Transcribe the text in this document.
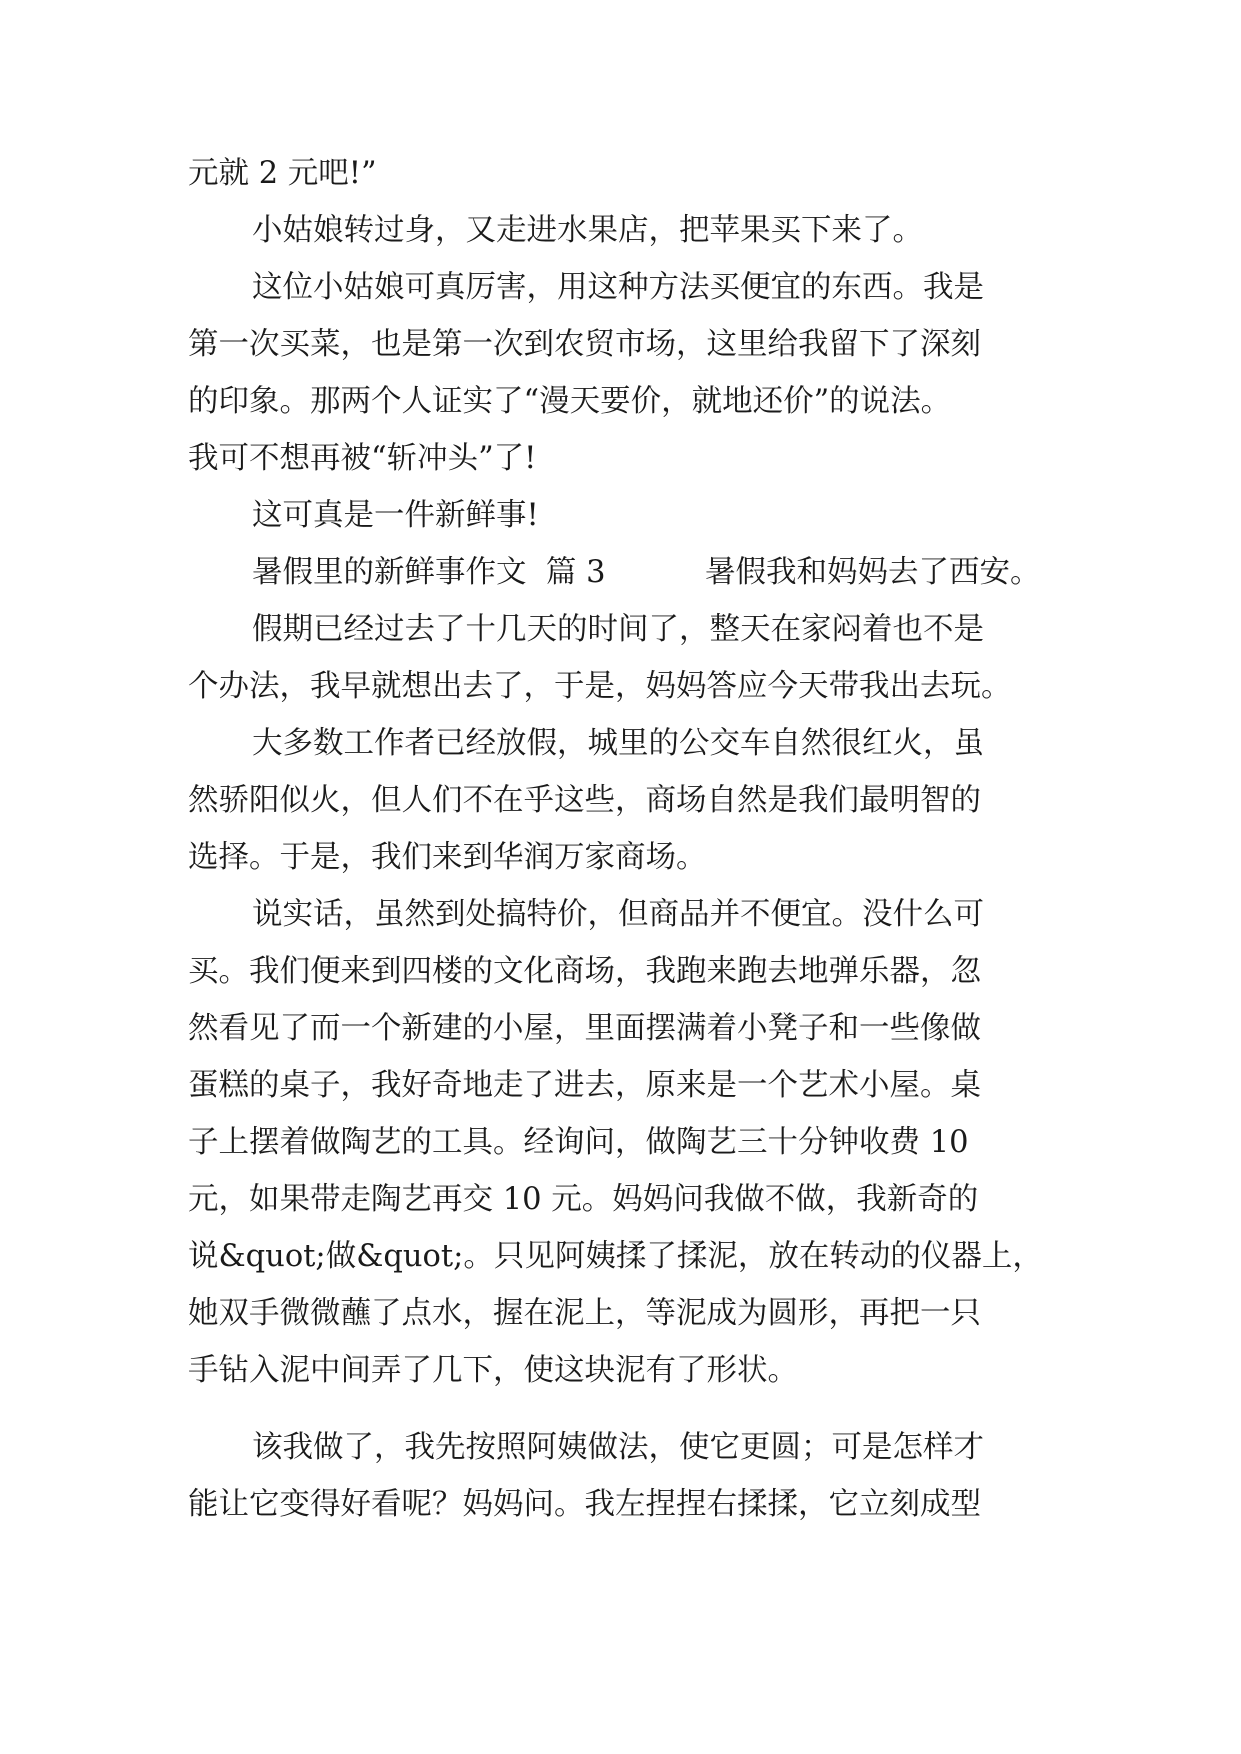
元就 2 元吧!”
小姑娘转过身，又走进水果店，把苹果买下来了。
这位小姑娘可真厉害，用这种方法买便宜的东西。我是
第一次买菜，也是第一次到农贸市场，这里给我留下了深刻
的印象。那两个人证实了“漫天要价，就地还价”的说法。
我可不想再被“斩冲头”了!
这可真是一件新鲜事!
暑假里的新鲜事作文  篇 3	暑假我和妈妈去了西安。
假期已经过去了十几天的时间了，整天在家闷着也不是
个办法，我早就想出去了，于是，妈妈答应今天带我出去玩。
大多数工作者已经放假，城里的公交车自然很红火，虽
然骄阳似火，但人们不在乎这些，商场自然是我们最明智的
选择。于是，我们来到华润万家商场。
说实话，虽然到处搞特价，但商品并不便宜。没什么可
买。我们便来到四楼的文化商场，我跑来跑去地弹乐器，忽
然看见了而一个新建的小屋，里面摆满着小凳子和一些像做
蛋糕的桌子，我好奇地走了进去，原来是一个艺术小屋。桌
子上摆着做陶艺的工具。经询问，做陶艺三十分钟收费 10
元，如果带走陶艺再交 10 元。妈妈问我做不做，我新奇的
说&quot;做&quot;。只见阿姨揉了揉泥，放在转动的仪器上，
她双手微微蘸了点水，握在泥上，等泥成为圆形，再把一只
手钻入泥中间弄了几下，使这块泥有了形状。
该我做了，我先按照阿姨做法，使它更圆；可是怎样才
能让它变得好看呢？妈妈问。我左捏捏右揉揉，它立刻成型
